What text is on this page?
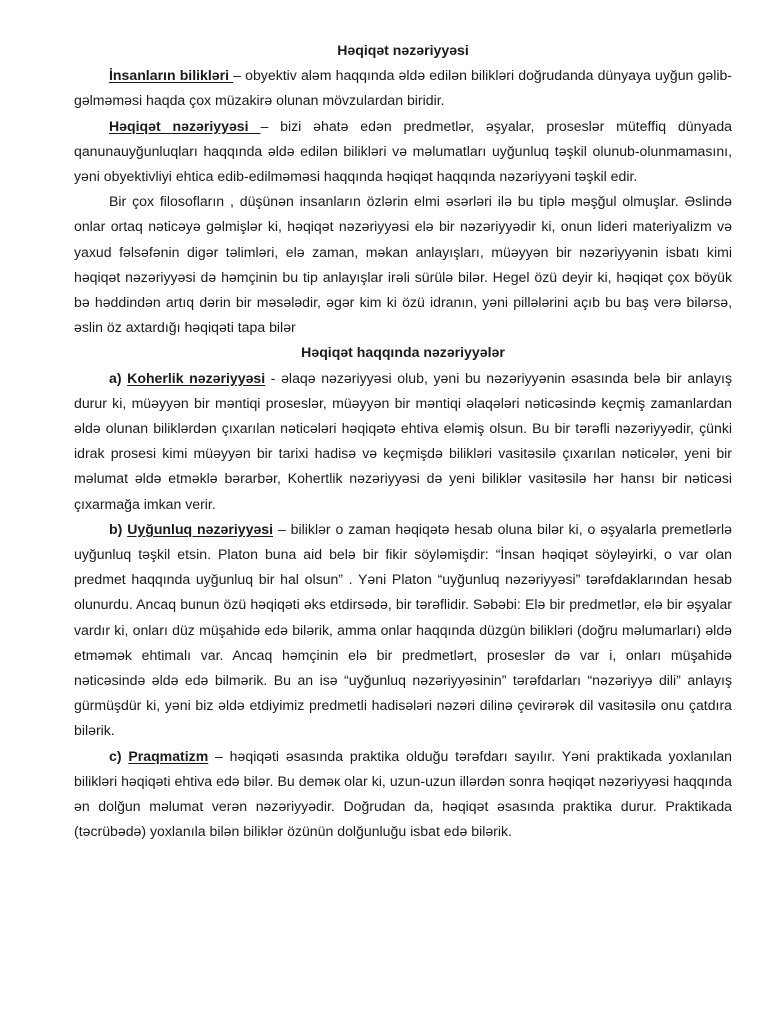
Həqiqət nəzəriyyəsi

İnsanların bilikləri – obyektiv aləm haqqında əldə edilən bilikləri doğrudanda dünyaya uyğun gəlib-gəlməməsi haqda çox müzakirə olunan mövzulardan biridir.

Həqiqət nəzəriyyəsi – bizi əhatə edən predmetlər, əşyalar, proseslər müteffiq dünyada qanunauyğunluqları haqqında əldə edilən bilikləri və məlumatları uyğunluq təşkil olunub-olunmamasını, yəni obyektivliyi ehtica edib-edilməməsi haqqında həqiqət haqqında nəzəriyyəni təşkil edir.

Bir çox filosofların , düşünən insanların özlərin elmi əsərləri ilə bu tiplə məşğul olmuşlar. Əslində onlar ortaq nəticəyə gəlmişlər ki, həqiqət nəzəriyyəsi elə bir nəzəriyyədir ki, onun lideri materiyalizm və yaxud fəlsəfənin digər təlimləri, elə zaman, məkan anlayışları, müəyyən bir nəzəriyyənin isbatı kimi həqiqət nəzəriyyəsi də həmçinin bu tip anlayışlar irəli sürülə bilər. Hegel özü deyir ki, həqiqət çox böyük bə həddindən artıq dərin bir məsələdir, əgər kim ki özü idranın, yəni pillələrini açıb bu baş verə bilərsə, əslin öz axtardığı həqiqəti tapa bilər

Həqiqət haqqında nəzəriyyələr

a) Koherlik nəzəriyyəsi - əlaqə nəzəriyyəsi olub, yəni bu nəzəriyyənin əsasında belə bir anlayış durur ki, müəyyən bir məntiqi proseslər, müəyyən bir məntiqi əlaqələri nəticəsində keçmiş zamanlardan əldə olunan biliklərdən çıxarılan nəticələri həqiqətə ehtiva eləmiş olsun. Bu bir tərəfli nəzəriyyədir, çünki idrak prosesi kimi müəyyən bir tarixi hadisə və keçmişdə bilikləri vasitəsilə çıxarılan nəticələr, yeni bir məlumat əldə etməklə bərarbər, Kohertlik nəzəriyyəsi də yeni biliklər vasitəsilə hər hansı bir nəticəsi çıxarmağa imkan verir.

b) Uyğunluq nəzəriyyəsi – biliklər o zaman həqiqətə hesab oluna bilər ki, o əşyalarla premetlərlə uyğunluq təşkil etsin. Platon buna aid belə bir fikir söyləmişdir: “İnsan həqiqət söyləyirki, o var olan predmet haqqında uyğunluq bir hal olsun” . Yəni Platon “uyğunluq nəzəriyyəsi” tərəfdaklarından hesab olunurdu. Ancaq bunun özü həqiqəti əks etdirsədə, bir tərəflidir. Səbəbi: Elə bir predmetlər, elə bir əşyalar vardır ki, onları düz müşahidə edə bilərik, amma onlar haqqında düzgün bilikləri (doğru məlumarları) əldə etməmək ehtimalı var. Ancaq həmçinin elə bir predmetlərt, proseslər də var i, onları müşahidə nəticəsində əldə edə bilmərik. Bu an isə “uyğunluq nəzəriyyəsinin” tərəfdarları “nəzəriyyə dili” anlayış gürmüşdür ki, yəni biz əldə etdiyimiz predmetli hadisələri nəzəri dilinə çevirərək dil vasitəsilə onu çatdıra bilərik.

c) Praqmatizm – həqiqəti əsasında praktika olduğu tərəfdarı sayılır. Yəni praktikada yoxlanılan bilikləri həqiqəti ehtiva edə bilər. Bu deməк olar ki, uzun-uzun illərdən sonra həqiqət nəzəriyyəsi haqqında ən dolğun məlumat verən nəzəriyyədir. Doğrudan da, həqiqət əsasında praktika durur. Praktikada (təcrübədə) yoxlanıla bilən biliklər özünün dolğunluğu isbat edə bilərik.
